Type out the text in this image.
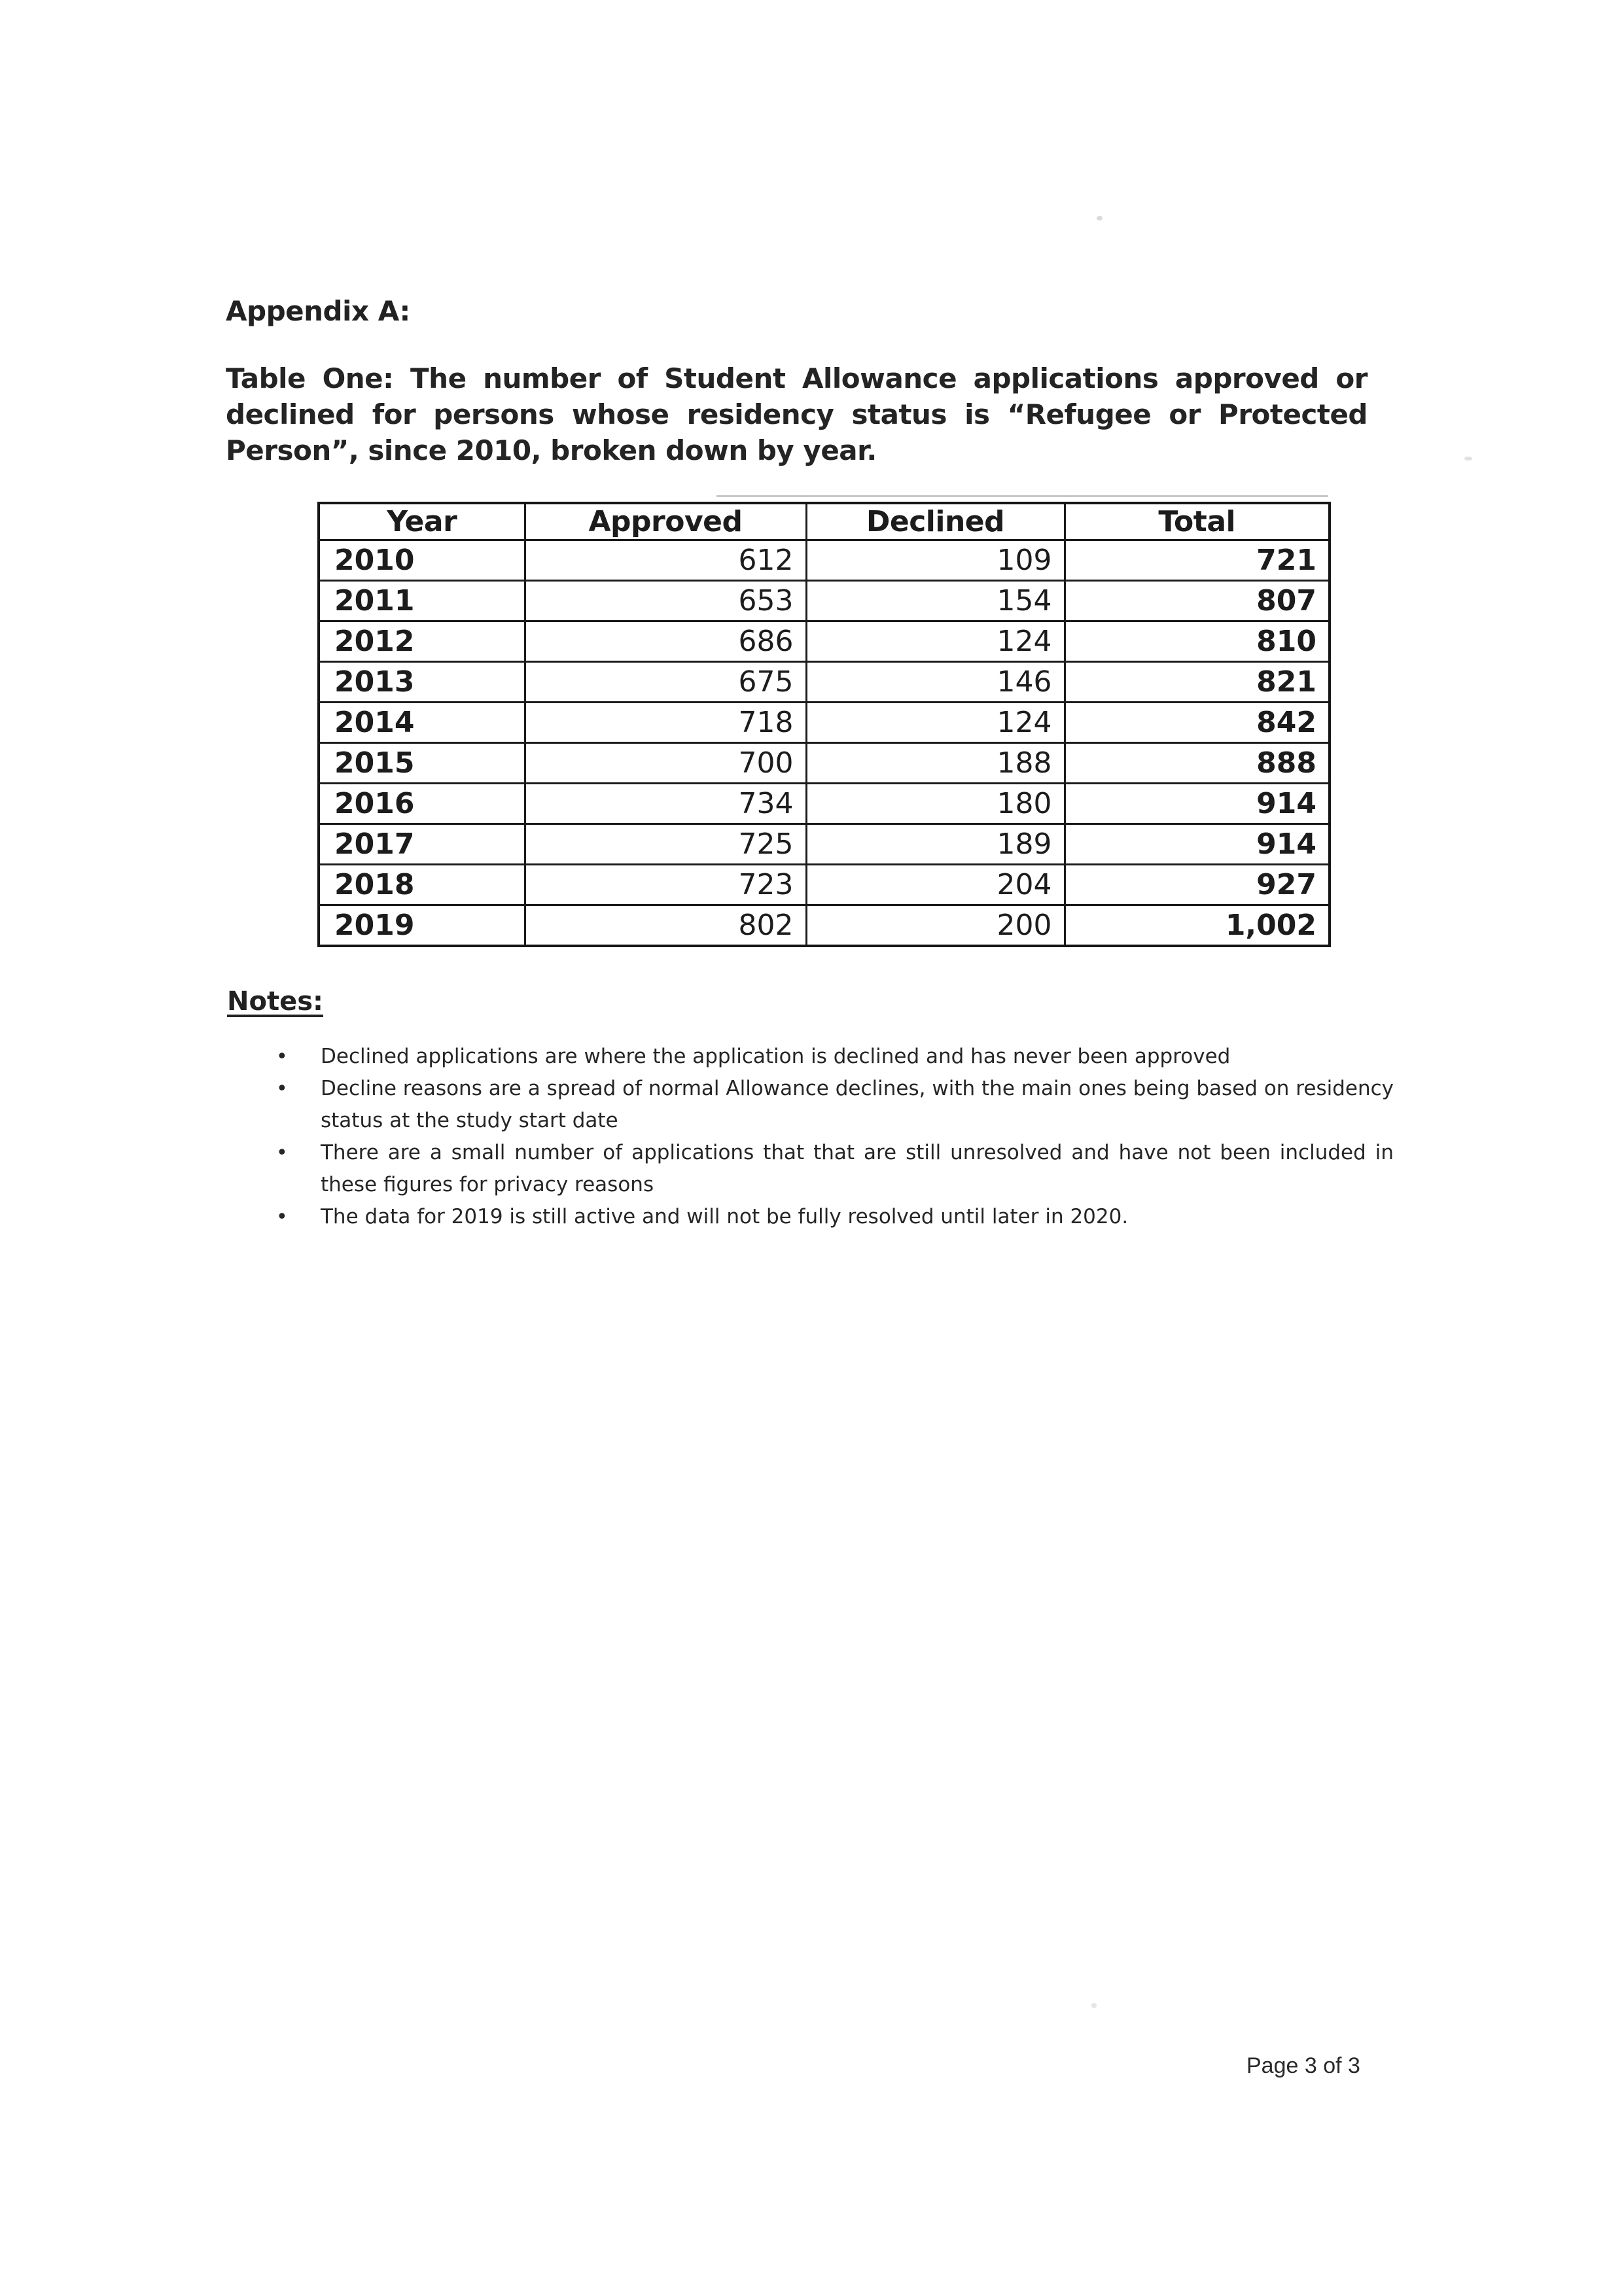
Appendix A:
Table One: The number of Student Allowance applications approved or
declined for persons whose residency status is “Refugee or Protected
Person”, since 2010, broken down by year.
Year	Approved	Declined	Total
2010	612	109	721
2011	653	154	807
2012	686	124	810
2013	675	146	821
2014	718	124	842
2015	700	188	888
2016	734	180	914
2017	725	189	914
2018	723	204	927
2019	802	200	1,002
Notes:
• Declined applications are where the application is declined and has never been approved
• Decline reasons are a spread of normal Allowance declines, with the main ones being based on residency status at the study start date
• There are a small number of applications that that are still unresolved and have not been included in these figures for privacy reasons
• The data for 2019 is still active and will not be fully resolved until later in 2020.
Page 3 of 3
